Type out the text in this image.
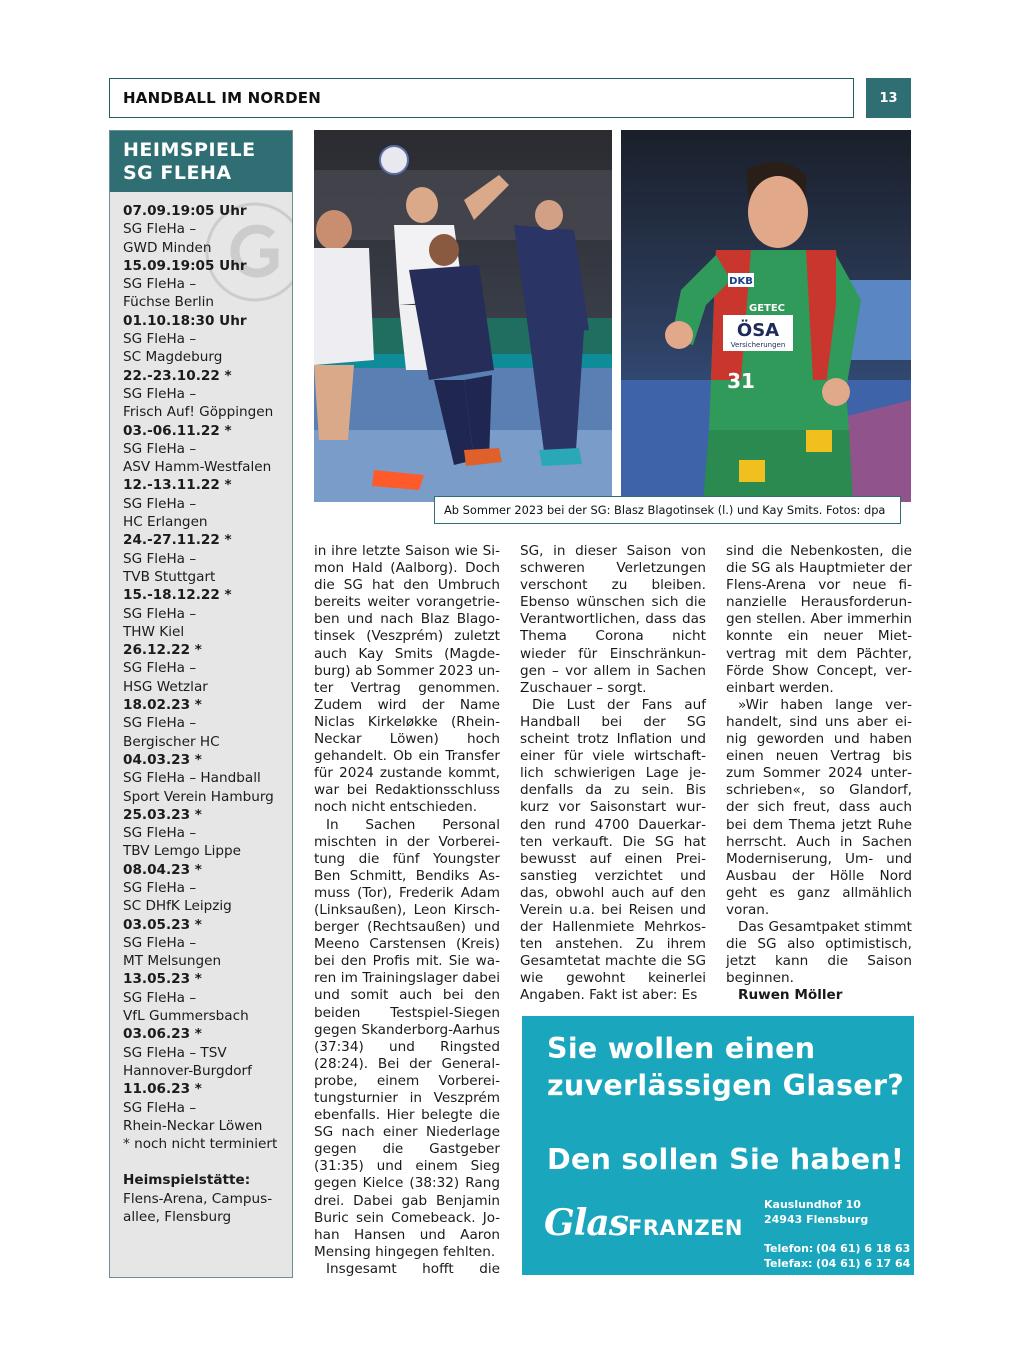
HANDBALL IM NORDEN	13
HEIMSPIELE
SG FLEHA
07.09.19:05 Uhr
SG FleHa –
GWD Minden
15.09.19:05 Uhr
SG FleHa –
Füchse Berlin
01.10.18:30 Uhr
SG FleHa –
SC Magdeburg
22.-23.10.22 *
SG FleHa –
Frisch Auf! Göppingen
03.-06.11.22 *
SG FleHa –
ASV Hamm-Westfalen
12.-13.11.22 *
SG FleHa –
HC Erlangen
24.-27.11.22 *
SG FleHa –
TVB Stuttgart
15.-18.12.22 *
SG FleHa –
THW Kiel
26.12.22 *
SG FleHa –
HSG Wetzlar
18.02.23 *
SG FleHa –
Bergischer HC
04.03.23 *
SG FleHa – Handball
Sport Verein Hamburg
25.03.23 *
SG FleHa –
TBV Lemgo Lippe
08.04.23 *
SG FleHa –
SC DHfK Leipzig
03.05.23 *
SG FleHa –
MT Melsungen
13.05.23 *
SG FleHa –
VfL Gummersbach
03.06.23 *
SG FleHa – TSV
Hannover-Burgdorf
11.06.23 *
SG FleHa –
Rhein-Neckar Löwen
* noch nicht terminiert
Heimspielstätte:
Flens-Arena, Campus-
allee, Flensburg
DKB
GETEC
ÖSA
Versicherungen
31
Ab Sommer 2023 bei der SG: Blasz Blagotinsek (l.) und Kay Smits. Fotos: dpa

in ihre letzte Saison wie Simon Hald (Aalborg). Doch die SG hat den Umbruch bereits weiter vorangetrieben und nach Blaz Blagotinsek (Veszprém) zuletzt auch Kay Smits (Magdeburg) ab Sommer 2023 unter Vertrag genommen. Zudem wird der Name Niclas Kirkeløkke (Rhein-Neckar Löwen) hoch gehandelt. Ob ein Transfer für 2024 zustande kommt, war bei Redaktionsschluss noch nicht entschieden.

In Sachen Personal mischten in der Vorbereitung die fünf Youngster Ben Schmitt, Bendiks Asmuss (Tor), Frederik Adam (Linksaußen), Leon Kirschberger (Rechtsaußen) und Meeno Carstensen (Kreis) bei den Profis mit. Sie waren im Trainingslager dabei und somit auch bei den beiden Testspiel-Siegen gegen Skanderborg-Aarhus (37:34) und Ringsted (28:24). Bei der Generalprobe, einem Vorbereitungsturnier in Veszprém ebenfalls. Hier belegte die SG nach einer Niederlage gegen die Gastgeber (31:35) und einem Sieg gegen Kielce (38:32) Rang drei. Dabei gab Benjamin Buric sein Comebeack. Johan Hansen und Aaron Mensing hingegen fehlten.

Insgesamt hofft die

SG, in dieser Saison von schweren Verletzungen verschont zu bleiben. Ebenso wünschen sich die Verantwortlichen, dass das Thema Corona nicht wieder für Einschränkungen – vor allem in Sachen Zuschauer – sorgt.

Die Lust der Fans auf Handball bei der SG scheint trotz Inflation und einer für viele wirtschaftlich schwierigen Lage jedenfalls da zu sein. Bis kurz vor Saisonstart wurden rund 4700 Dauerkarten verkauft. Die SG hat bewusst auf einen Preisanstieg verzichtet und das, obwohl auch auf den Verein u.a. bei Reisen und der Hallenmiete Mehrkosten anstehen. Zu ihrem Gesamtetat machte die SG wie gewohnt keinerlei Angaben. Fakt ist aber: Es

sind die Nebenkosten, die die SG als Hauptmieter der Flens-Arena vor neue finanzielle Herausforderungen stellen. Aber immerhin konnte ein neuer Mietvertrag mit dem Pächter, Förde Show Concept, vereinbart werden.

»Wir haben lange verhandelt, sind uns aber einig geworden und haben einen neuen Vertrag bis zum Sommer 2024 unterschrieben«, so Glandorf, der sich freut, dass auch bei dem Thema jetzt Ruhe herrscht. Auch in Sachen Moderniserung, Um- und Ausbau der Hölle Nord geht es ganz allmählich voran.

Das Gesamtpaket stimmt die SG also optimistisch, jetzt kann die Saison beginnen.

Ruwen Möller

Sie wollen einen
zuverlässigen Glaser?
Den sollen Sie haben!
Glas FRANZEN
Kauslundhof 10
24943 Flensburg
Telefon: (04 61) 6 18 63
Telefax: (04 61) 6 17 64
